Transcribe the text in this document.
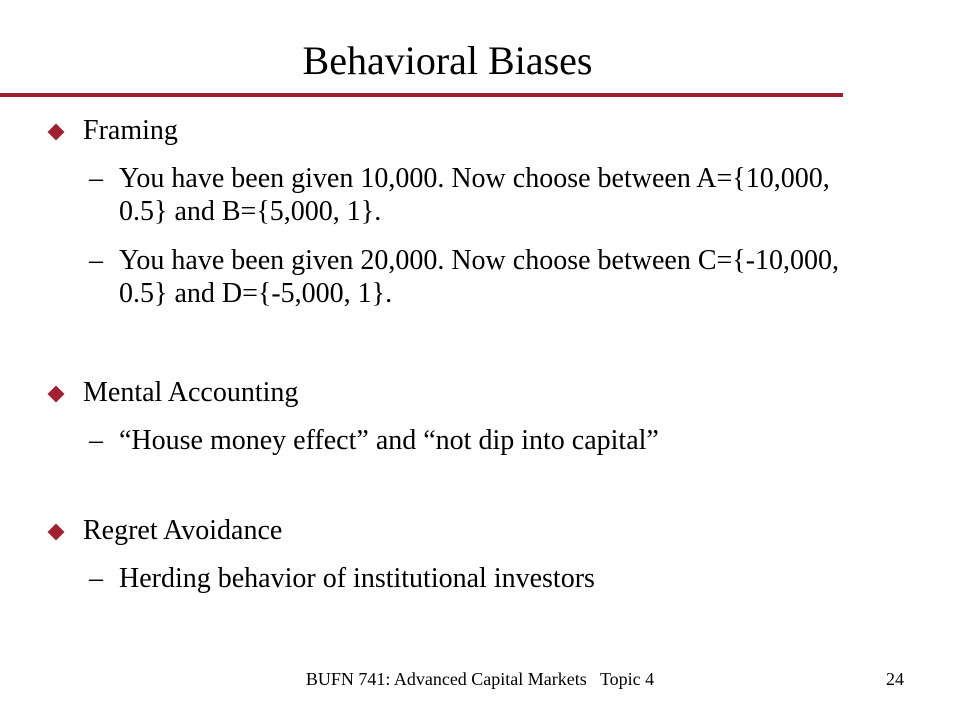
Behavioral Biases
Framing
– You have been given 10,000. Now choose between A={10,000, 0.5} and B={5,000, 1}.
– You have been given 20,000. Now choose between C={-10,000, 0.5} and D={-5,000, 1}.
Mental Accounting
– “House money effect” and “not dip into capital”
Regret Avoidance
– Herding behavior of institutional investors
BUFN 741: Advanced Capital Markets   Topic 4	24
